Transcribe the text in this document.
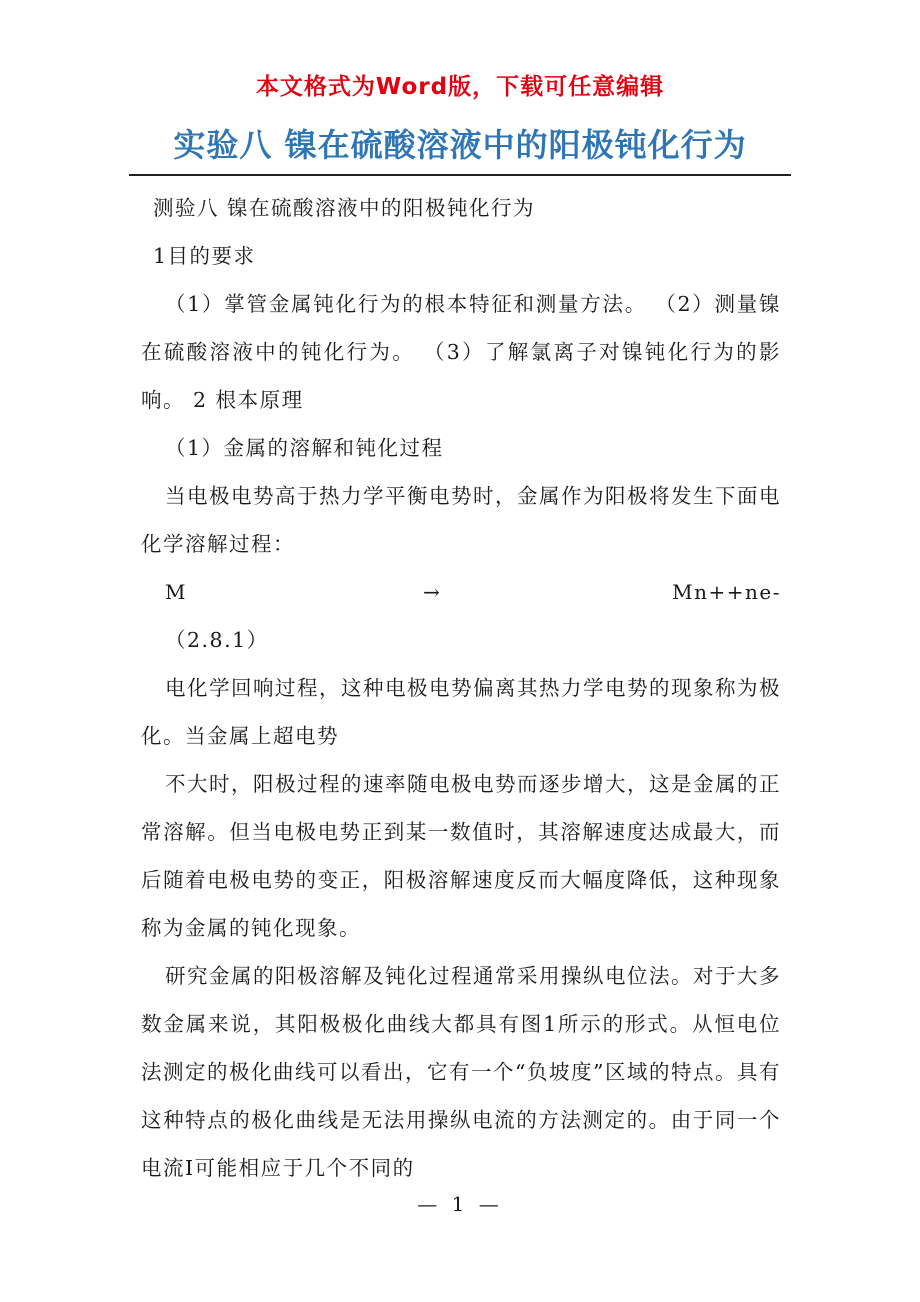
本文格式为Word版，下载可任意编辑
实验八 镍在硫酸溶液中的阳极钝化行为

测验八 镍在硫酸溶液中的阳极钝化行为

1目的要求

（1）掌管金属钝化行为的根本特征和测量方法。 （2）测量镍在硫酸溶液中的钝化行为。 （3）了解氯离子对镍钝化行为的影响。 2 根本原理

（1）金属的溶解和钝化过程

当电极电势高于热力学平衡电势时，金属作为阳极将发生下面电化学溶解过程：

M	→	Mn++ne-

（2.8.1）

电化学回响过程，这种电极电势偏离其热力学电势的现象称为极化。当金属上超电势

不大时，阳极过程的速率随电极电势而逐步增大，这是金属的正常溶解。但当电极电势正到某一数值时，其溶解速度达成最大，而后随着电极电势的变正，阳极溶解速度反而大幅度降低，这种现象称为金属的钝化现象。

研究金属的阳极溶解及钝化过程通常采用操纵电位法。对于大多数金属来说，其阳极极化曲线大都具有图1所示的形式。从恒电位法测定的极化曲线可以看出，它有一个“负坡度”区域的特点。具有这种特点的极化曲线是无法用操纵电流的方法测定的。由于同一个电流I可能相应于几个不同的

— 1 —
